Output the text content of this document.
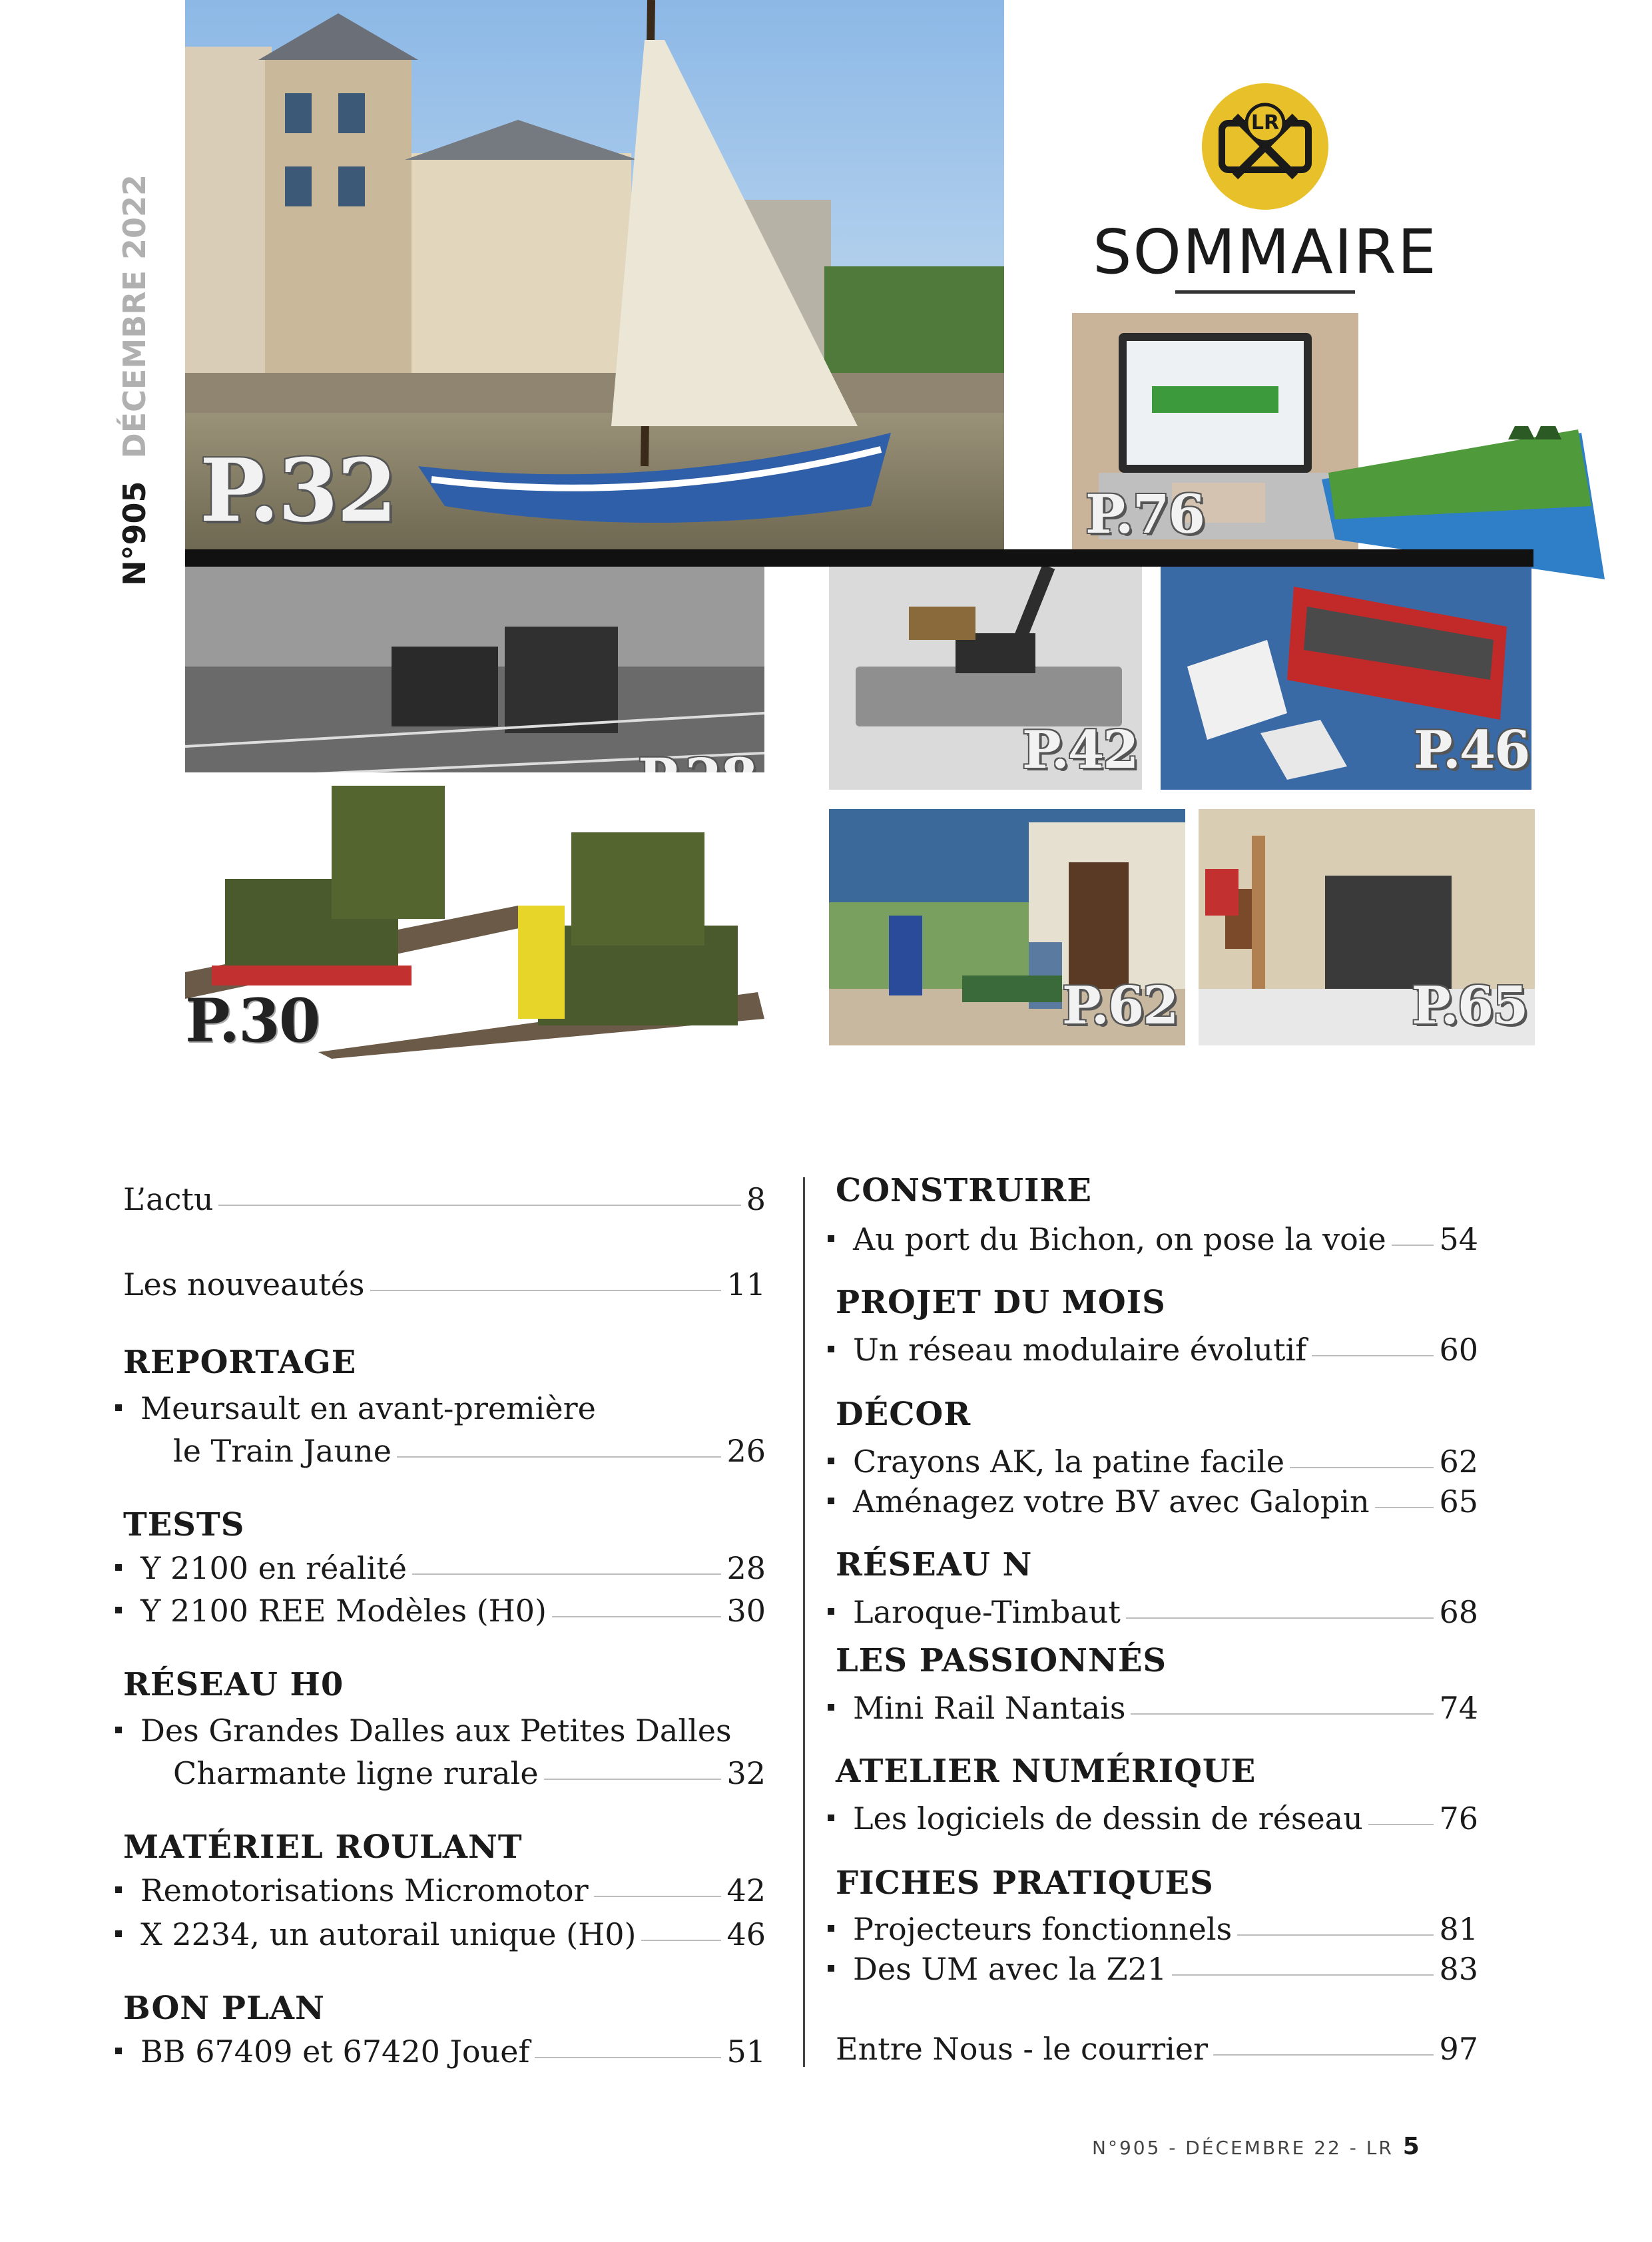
N°905 DÉCEMBRE 2022
LR
SOMMAIRE
P.32	P.76
P.30
P.42	P.46
P.62	P.65
L’actu	8
Les nouveautés	11
REPORTAGE
Meursault en avant-première
le Train Jaune	26
TESTS
Y 2100 en réalité	28
Y 2100 REE Modèles (H0)	30
RÉSEAU H0
Des Grandes Dalles aux Petites Dalles
Charmante ligne rurale	32
MATÉRIEL ROULANT
Remotorisations Micromotor	42
X 2234, un autorail unique (H0)	46
BON PLAN
BB 67409 et 67420 Jouef	51
CONSTRUIRE
Au port du Bichon, on pose la voie 54
PROJET DU MOIS
Un réseau modulaire évolutif	60
DÉCOR
Crayons AK, la patine facile	62
Aménagez votre BV avec Galopin 65
RÉSEAU N
Laroque-Timbaut	68
LES PASSIONNÉS
Mini Rail Nantais	74
ATELIER NUMÉRIQUE
Les logiciels de dessin de réseau 76
FICHES PRATIQUES
Projecteurs fonctionnels	81
Des UM avec la Z21	83
Entre Nous - le courrier	97
N°905 - DÉCEMBRE 22 - LR 5
